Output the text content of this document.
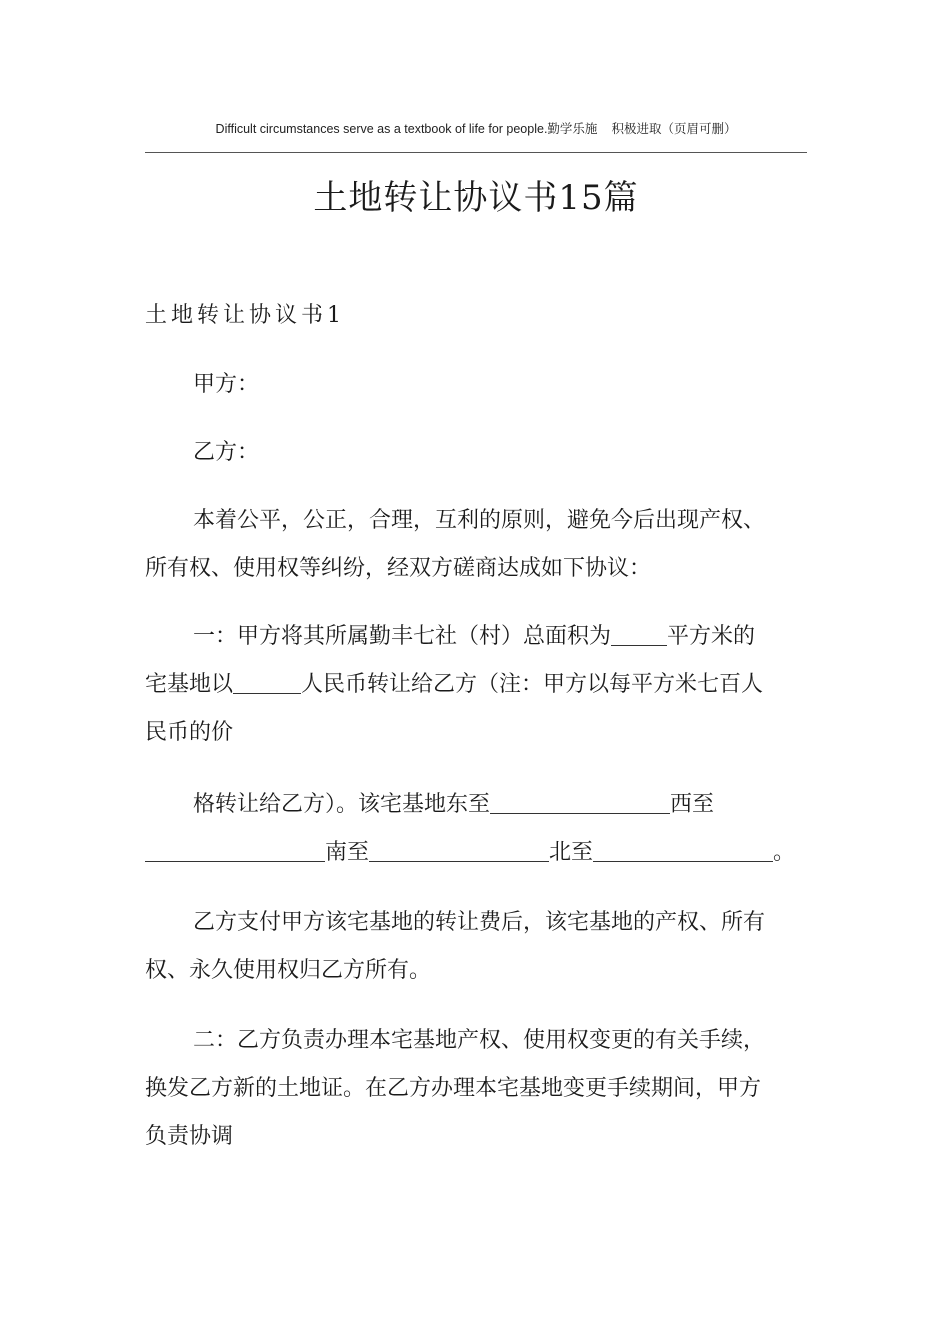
Difficult circumstances serve as a textbook of life for people.勤学乐施 积极进取（页眉可删）
土地转让协议书15篇
土地转让协议书1

甲方：

乙方：

本着公平，公正，合理，互利的原则，避免今后出现产权、
所有权、使用权等纠纷，经双方磋商达成如下协议：
一：甲方将其所属勤丰七社（村）总面积为	平方米的
宅基地以	人民币转让给乙方（注：甲方以每平方米七百人
民币的价
格转让给乙方）。该宅基地东至	西至
南至	北至	。
乙方支付甲方该宅基地的转让费后，该宅基地的产权、所有
权、永久使用权归乙方所有。
二：乙方负责办理本宅基地产权、使用权变更的有关手续，
换发乙方新的土地证。在乙方办理本宅基地变更手续期间，甲方
负责协调
